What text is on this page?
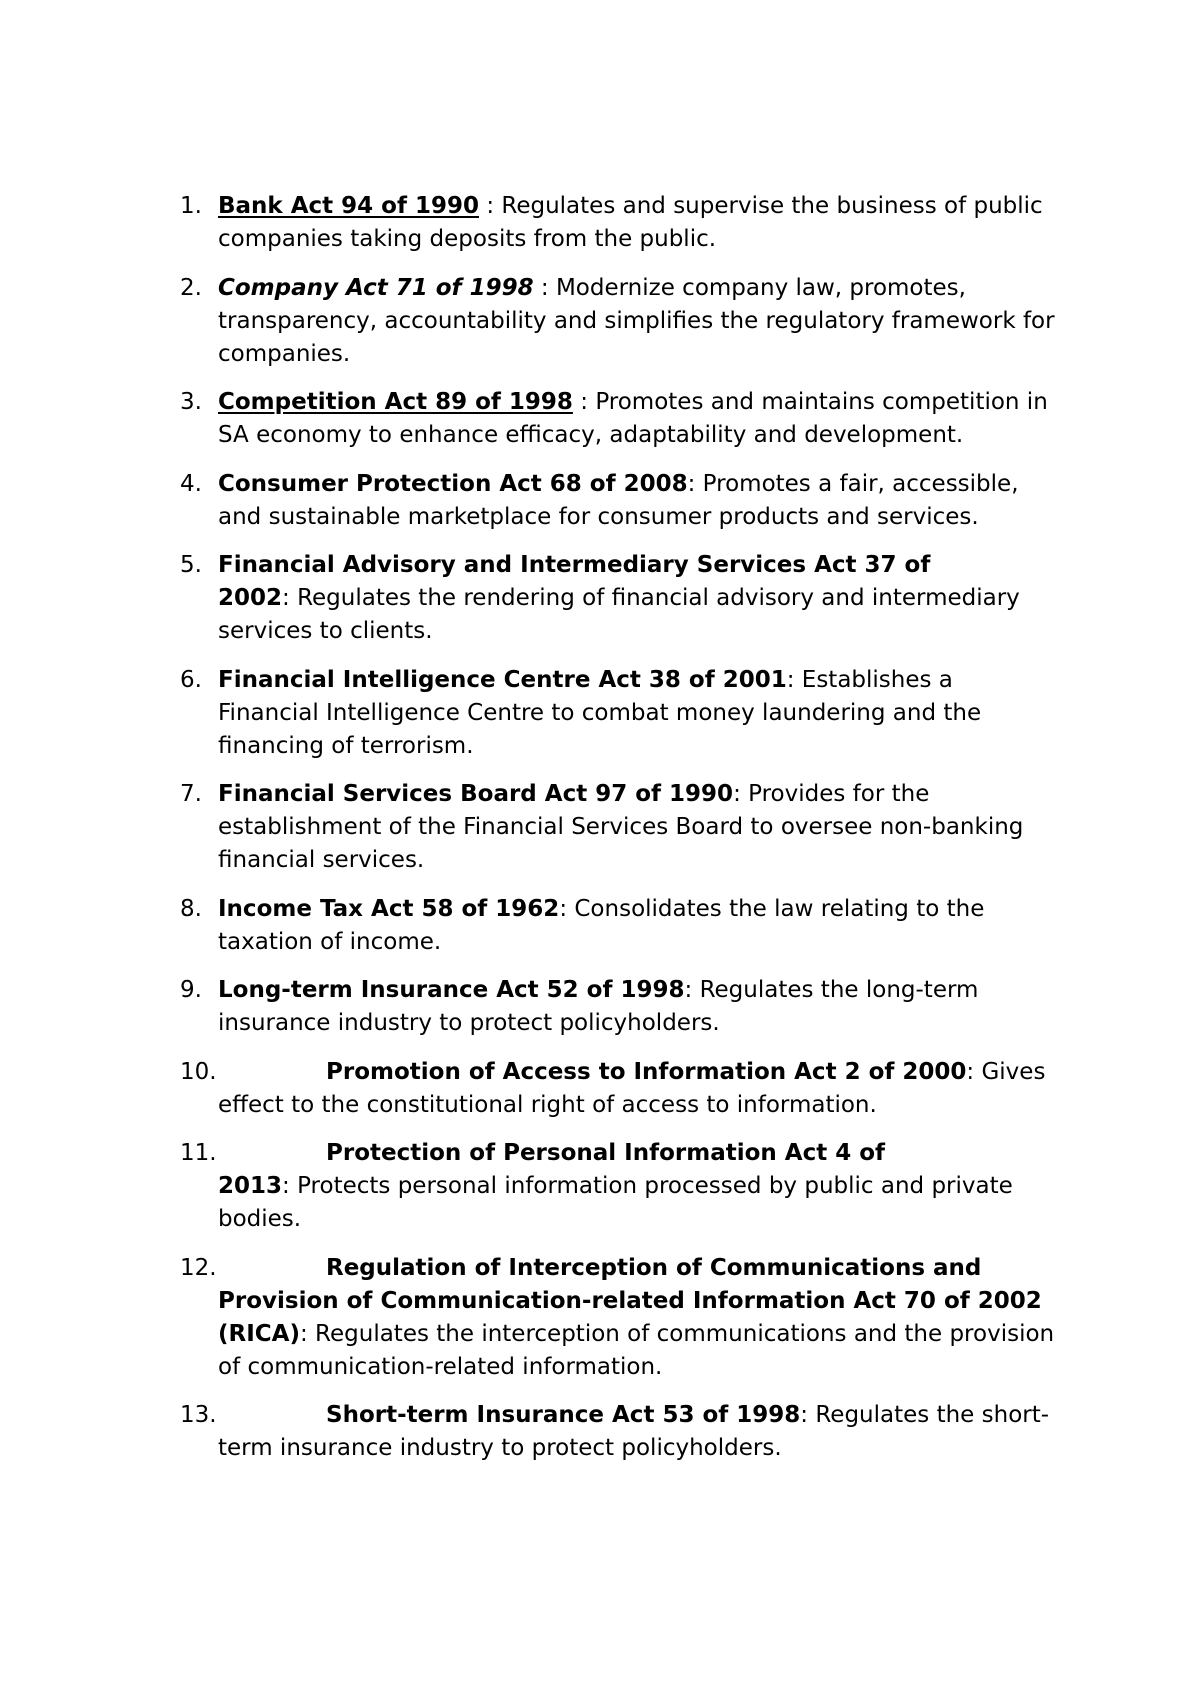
1. Bank Act 94 of 1990 : Regulates and supervise the business of public companies taking deposits from the public.
2. Company Act 71 of 1998 : Modernize company law, promotes, transparency, accountability and simplifies the regulatory framework for companies.
3. Competition Act 89 of 1998 : Promotes and maintains competition in SA economy to enhance efficacy, adaptability and development.
4. Consumer Protection Act 68 of 2008: Promotes a fair, accessible, and sustainable marketplace for consumer products and services.
5. Financial Advisory and Intermediary Services Act 37 of 2002: Regulates the rendering of financial advisory and intermediary services to clients.
6. Financial Intelligence Centre Act 38 of 2001: Establishes a Financial Intelligence Centre to combat money laundering and the financing of terrorism.
7. Financial Services Board Act 97 of 1990: Provides for the establishment of the Financial Services Board to oversee non-banking financial services.
8. Income Tax Act 58 of 1962: Consolidates the law relating to the taxation of income.
9. Long-term Insurance Act 52 of 1998: Regulates the long-term insurance industry to protect policyholders.
10.	Promotion of Access to Information Act 2 of 2000: Gives effect to the constitutional right of access to information.
11.	Protection of Personal Information Act 4 of 2013: Protects personal information processed by public and private bodies.
12.	Regulation of Interception of Communications and Provision of Communication-related Information Act 70 of 2002 (RICA): Regulates the interception of communications and the provision of communication-related information.
13.	Short-term Insurance Act 53 of 1998: Regulates the short-term insurance industry to protect policyholders.
